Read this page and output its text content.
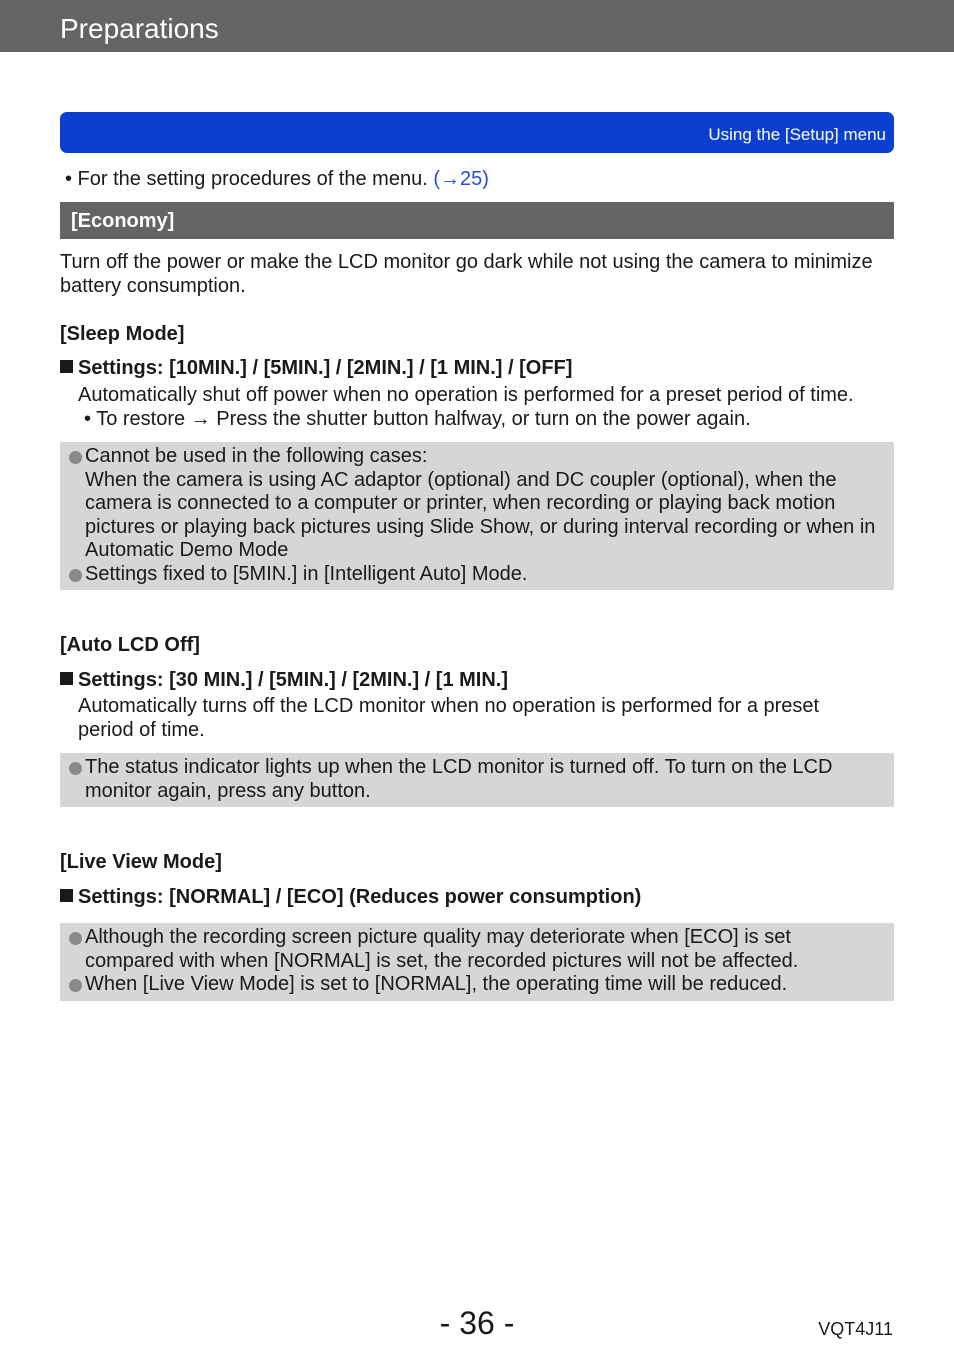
Preparations
Using the [Setup] menu
• For the setting procedures of the menu. (→25)
[Economy]
Turn off the power or make the LCD monitor go dark while not using the camera to minimize battery consumption.
[Sleep Mode]
Settings: [10MIN.] / [5MIN.] / [2MIN.] / [1 MIN.] / [OFF]
Automatically shut off power when no operation is performed for a preset period of time.
• To restore → Press the shutter button halfway, or turn on the power again.
Cannot be used in the following cases:
When the camera is using AC adaptor (optional) and DC coupler (optional), when the camera is connected to a computer or printer, when recording or playing back motion pictures or playing back pictures using Slide Show, or during interval recording or when in Automatic Demo Mode
Settings fixed to [5MIN.] in [Intelligent Auto] Mode.
[Auto LCD Off]
Settings: [30 MIN.] / [5MIN.] / [2MIN.] / [1 MIN.]
Automatically turns off the LCD monitor when no operation is performed for a preset period of time.
The status indicator lights up when the LCD monitor is turned off. To turn on the LCD monitor again, press any button.
[Live View Mode]
Settings: [NORMAL] / [ECO] (Reduces power consumption)
Although the recording screen picture quality may deteriorate when [ECO] is set compared with when [NORMAL] is set, the recorded pictures will not be affected.
When [Live View Mode] is set to [NORMAL], the operating time will be reduced.
- 36 -	VQT4J11
